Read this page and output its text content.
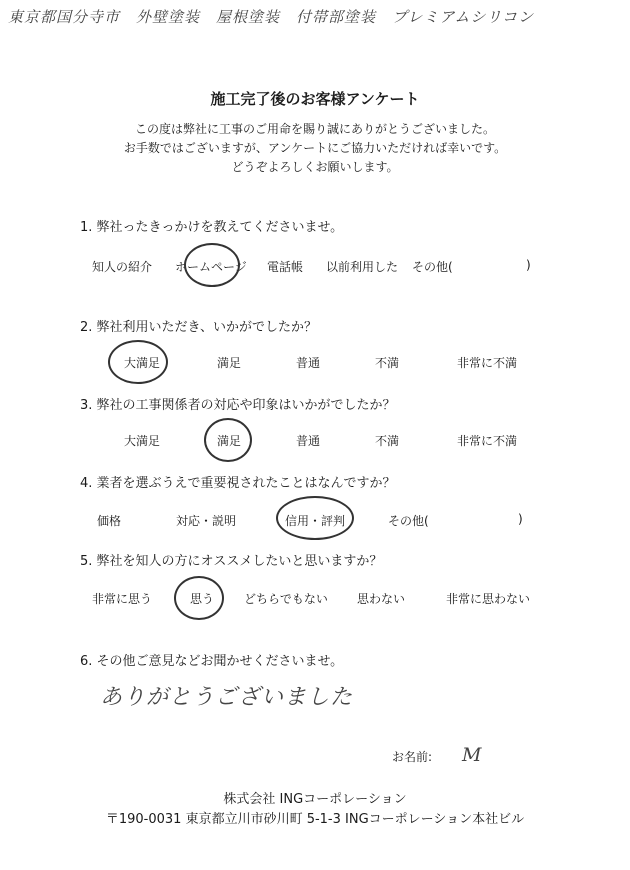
東京都国分寺市　外壁塗装　屋根塗装　付帯部塗装　プレミアムシリコン
施工完了後のお客様アンケート
この度は弊社に工事のご用命を賜り誠にありがとうございました。
お手数ではございますが、アンケートにご協力いただければ幸いです。
どうぞよろしくお願いします。
1. 弊社ったきっかけを教えてくださいませ。
知人の紹介 ホームページ 電話帳 以前利用した その他(	)
2. 弊社利用いただき、いかがでしたか？
大満足	満足	普通	不満	非常に不満
3. 弊社の工事関係者の対応や印象はいかがでしたか？
大満足	満足	普通	不満	非常に不満
4. 業者を選ぶうえで重要視されたことはなんですか？
価格	対応・説明	信用・評判	その他(	)
5. 弊社を知人の方にオススメしたいと思いますか？
非常に思う	思う どちらでもない 思わない	非常に思わない
6. その他ご意見などお聞かせくださいませ。
ありがとうございました
お名前: M
株式会社 INGコーポレーション
〒190-0031 東京都立川市砂川町 5-1-3 INGコーポレーション本社ビル
